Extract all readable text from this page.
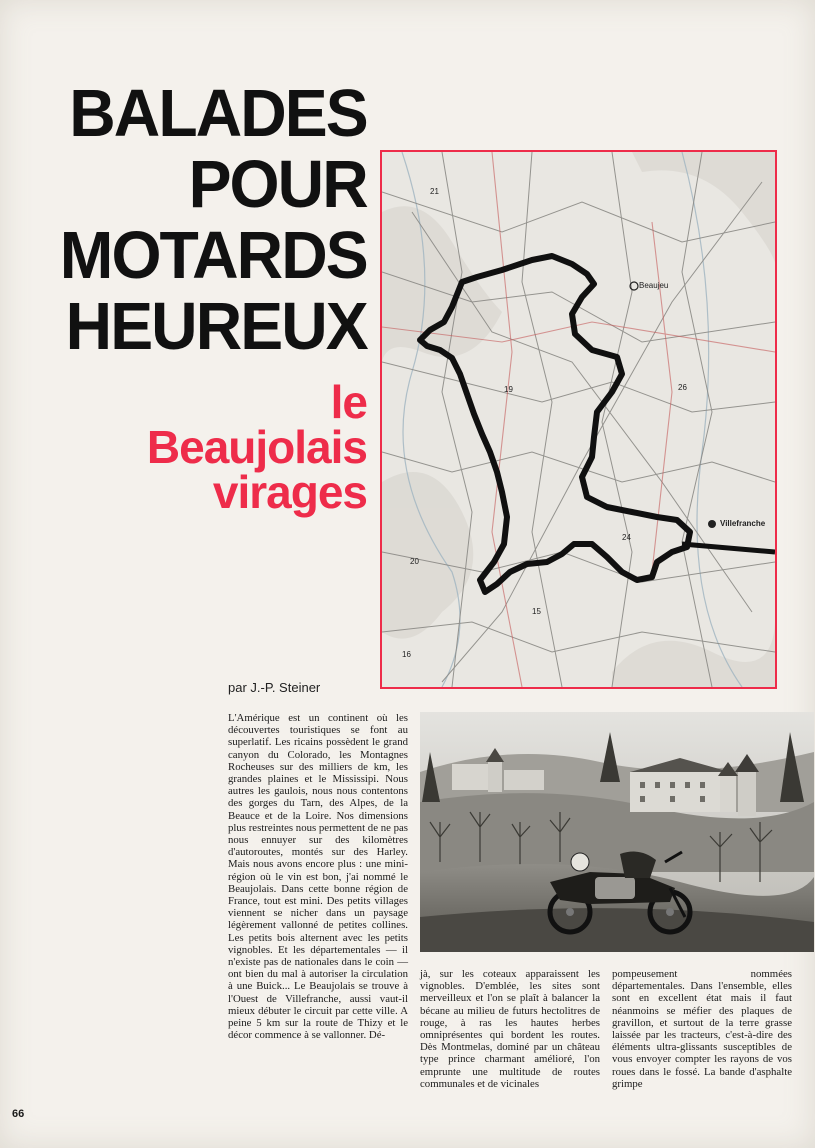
BALADES
POUR
MOTARDS
HEUREUX
le
Beaujolais
virages
Beaujeu
Villefranche
21
19	26
24
20
15
16
par J.-P. Steiner
L'Amérique est un continent où les découvertes touristiques se font au superlatif. Les ricains possèdent le grand canyon du Colorado, les Montagnes Rocheuses sur des milliers de km, les grandes plaines et le Mississipi. Nous autres les gaulois, nous nous contentons des gorges du Tarn, des Alpes, de la Beauce et de la Loire. Nos dimensions plus restreintes nous permettent de ne pas nous ennuyer sur des kilomètres d'autoroutes, montés sur des Harley. Mais nous avons encore plus : une mini-région où le vin est bon, j'ai nommé le Beaujolais. Dans cette bonne région de France, tout est mini. Des petits villages viennent se nicher dans un paysage légèrement vallonné de petites collines. Les petits bois alternent avec les petits vignobles. Et les départementales — il n'existe pas de nationales dans le coin — ont bien du mal à autoriser la circulation à une Buick... Le Beaujolais se trouve à l'Ouest de Villefranche, aussi vaut-il mieux débuter le circuit par cette ville. A peine 5 km sur la route de Thizy et le décor commence à se vallonner. Dé-
jà, sur les coteaux apparaissent les vignobles. D'emblée, les sites sont merveilleux et l'on se plaît à balancer la bécane au milieu de futurs hectolitres de rouge, à ras les hautes herbes omniprésentes qui bordent les routes. Dès Montmelas, dominé par un château type prince charmant amélioré, l'on emprunte une multitude de routes communales et de vicinales
pompeusement nommées départementales. Dans l'ensemble, elles sont en excellent état mais il faut néanmoins se méfier des plaques de gravillon, et surtout de la terre grasse laissée par les tracteurs, c'est-à-dire des éléments ultra-glissants susceptibles de vous envoyer compter les rayons de vos roues dans le fossé. La bande d'asphalte grimpe
66
